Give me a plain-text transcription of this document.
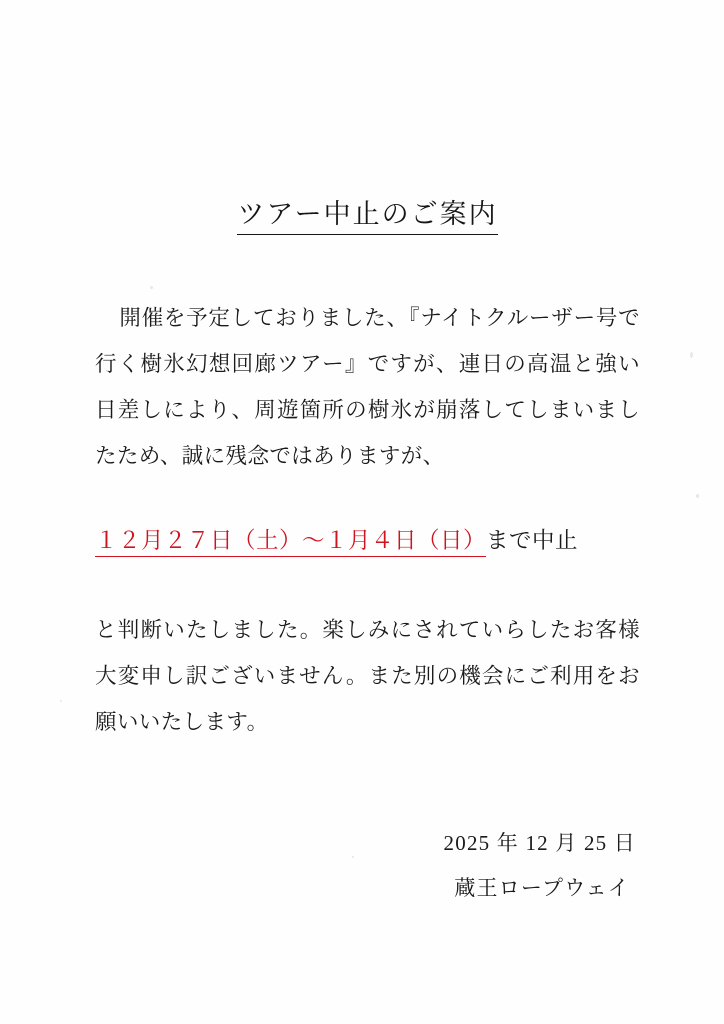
ツアー中止のご案内
開催を予定しておりました、『ナイトクルーザー号で行く樹氷幻想回廊ツアー』ですが、連日の高温と強い日差しにより、周遊箇所の樹氷が崩落してしまいましたため、誠に残念ではありますが、
１２月２７日（土）～１月４日（日）まで中止
と判断いたしました。楽しみにされていらしたお客様大変申し訳ございません。また別の機会にご利用をお願いいたします。
2025 年 12 月 25 日
蔵王ロープウェイ
